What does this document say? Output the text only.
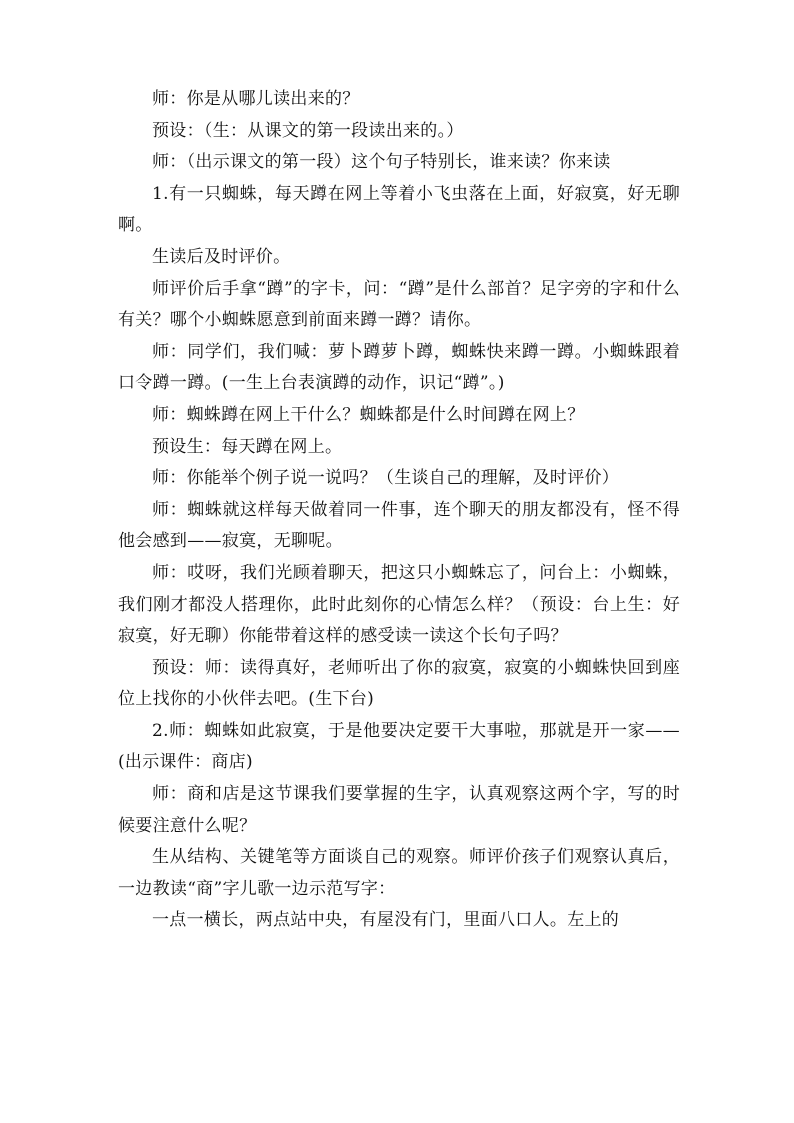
师：你是从哪儿读出来的？

预设：（生：从课文的第一段读出来的。）

师：（出示课文的第一段）这个句子特别长，谁来读？你来读

1.有一只蜘蛛，每天蹲在网上等着小飞虫落在上面，好寂寞，好无聊啊。

生读后及时评价。

师评价后手拿“蹲”的字卡，问：“蹲”是什么部首？足字旁的字和什么有关？哪个小蜘蛛愿意到前面来蹲一蹲？请你。

师：同学们，我们喊：萝卜蹲萝卜蹲，蜘蛛快来蹲一蹲。小蜘蛛跟着口令蹲一蹲。(一生上台表演蹲的动作，识记“蹲”。)

师：蜘蛛蹲在网上干什么？蜘蛛都是什么时间蹲在网上？

预设生：每天蹲在网上。

师：你能举个例子说一说吗？（生谈自己的理解，及时评价）

师：蜘蛛就这样每天做着同一件事，连个聊天的朋友都没有，怪不得他会感到——寂寞，无聊呢。

师：哎呀，我们光顾着聊天，把这只小蜘蛛忘了，问台上：小蜘蛛，我们刚才都没人搭理你，此时此刻你的心情怎么样？（预设：台上生：好寂寞，好无聊）你能带着这样的感受读一读这个长句子吗？

预设：师：读得真好，老师听出了你的寂寞，寂寞的小蜘蛛快回到座位上找你的小伙伴去吧。(生下台)

2.师：蜘蛛如此寂寞，于是他要决定要干大事啦，那就是开一家——(出示课件：商店)

师：商和店是这节课我们要掌握的生字，认真观察这两个字，写的时候要注意什么呢？

生从结构、关键笔等方面谈自己的观察。师评价孩子们观察认真后，一边教读“商”字儿歌一边示范写字：

一点一横长，两点站中央，有屋没有门，里面八口人。左上的
